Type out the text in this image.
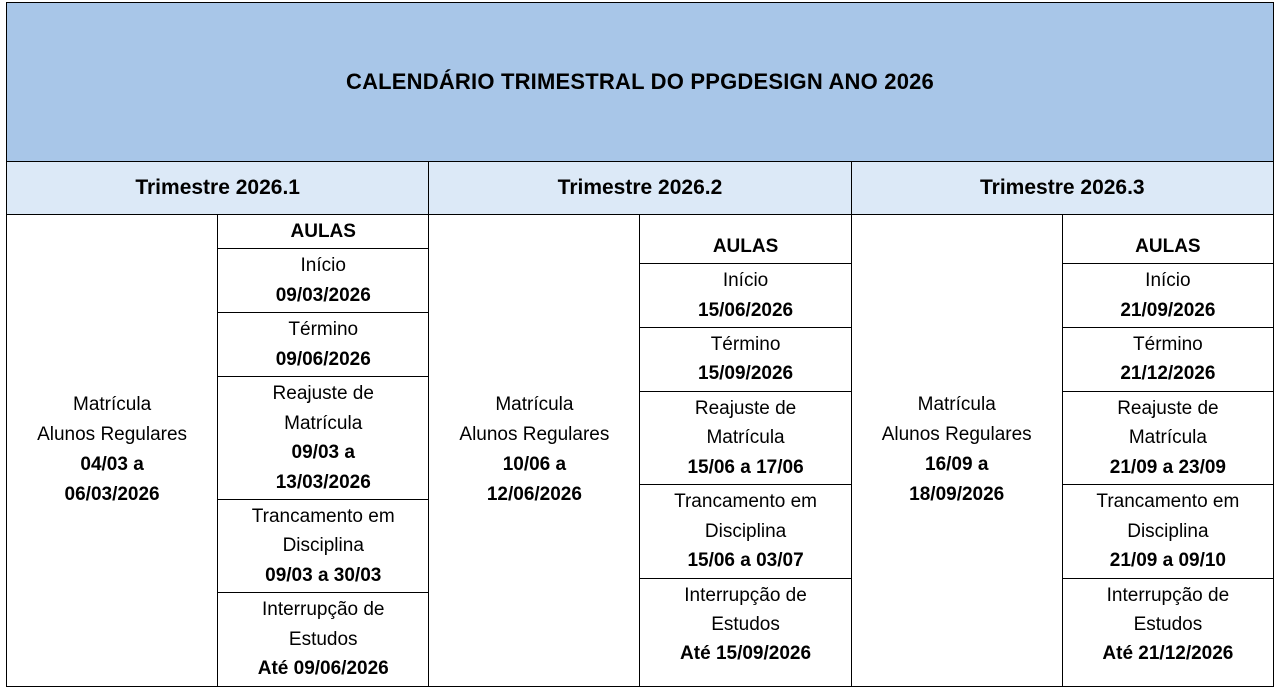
CALENDÁRIO TRIMESTRAL DO PPGDESIGN ANO 2026
Trimestre 2026.1	Trimestre 2026.2	Trimestre 2026.3

Matrícula
Alunos Regulares
04/03 a
06/03/2026

AULAS

Início
09/03/2026

Término
09/06/2026

Reajuste de
Matrícula
09/03 a
13/03/2026

Trancamento em
Disciplina
09/03 a 30/03

Interrupção de
Estudos
Até 09/06/2026

Matrícula
Alunos Regulares
10/06 a
12/06/2026

AULAS

Início
15/06/2026

Término
15/09/2026

Reajuste de
Matrícula
15/06 a 17/06

Trancamento em
Disciplina
15/06 a 03/07

Interrupção de
Estudos
Até 15/09/2026

Matrícula
Alunos Regulares
16/09 a
18/09/2026

AULAS

Início
21/09/2026

Término
21/12/2026

Reajuste de
Matrícula
21/09 a 23/09

Trancamento em
Disciplina
21/09 a 09/10

Interrupção de
Estudos
Até 21/12/2026
